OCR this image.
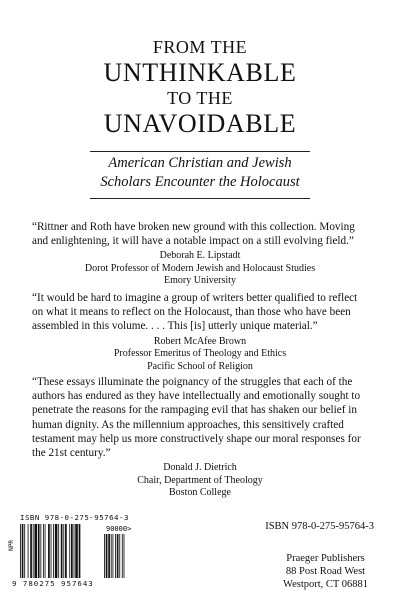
FROM THE
UNTHINKABLE
TO THE
UNAVOIDABLE
American Christian and Jewish
Scholars Encounter the Holocaust

“Rittner and Roth have broken new ground with this collection. Moving and enlightening, it will have a notable impact on a still evolving field.”

Deborah E. Lipstadt

Dorot Professor of Modern Jewish and Holocaust Studies

Emory University

“It would be hard to imagine a group of writers better qualified to reflect on what it means to reflect on the Holocaust, than those who have been assembled in this volume. . . . This [is] utterly unique material.”

Robert McAfee Brown

Professor Emeritus of Theology and Ethics

Pacific School of Religion

“These essays illuminate the poignancy of the struggles that each of the authors has endured as they have intellectually and emotionally sought to penetrate the reasons for the rampaging evil that has shaken our belief in human dignity. As the millennium approaches, this sensitively crafted testament may help us more constructively shape our moral responses for the 21st century.”

Donald J. Dietrich

Chair, Department of Theology

Boston College

ISBN 978-0-275-95764-3
90000>
9 780275 957643
NPR
ISBN 978-0-275-95764-3
Praeger Publishers
88 Post Road West
Westport, CT 06881
